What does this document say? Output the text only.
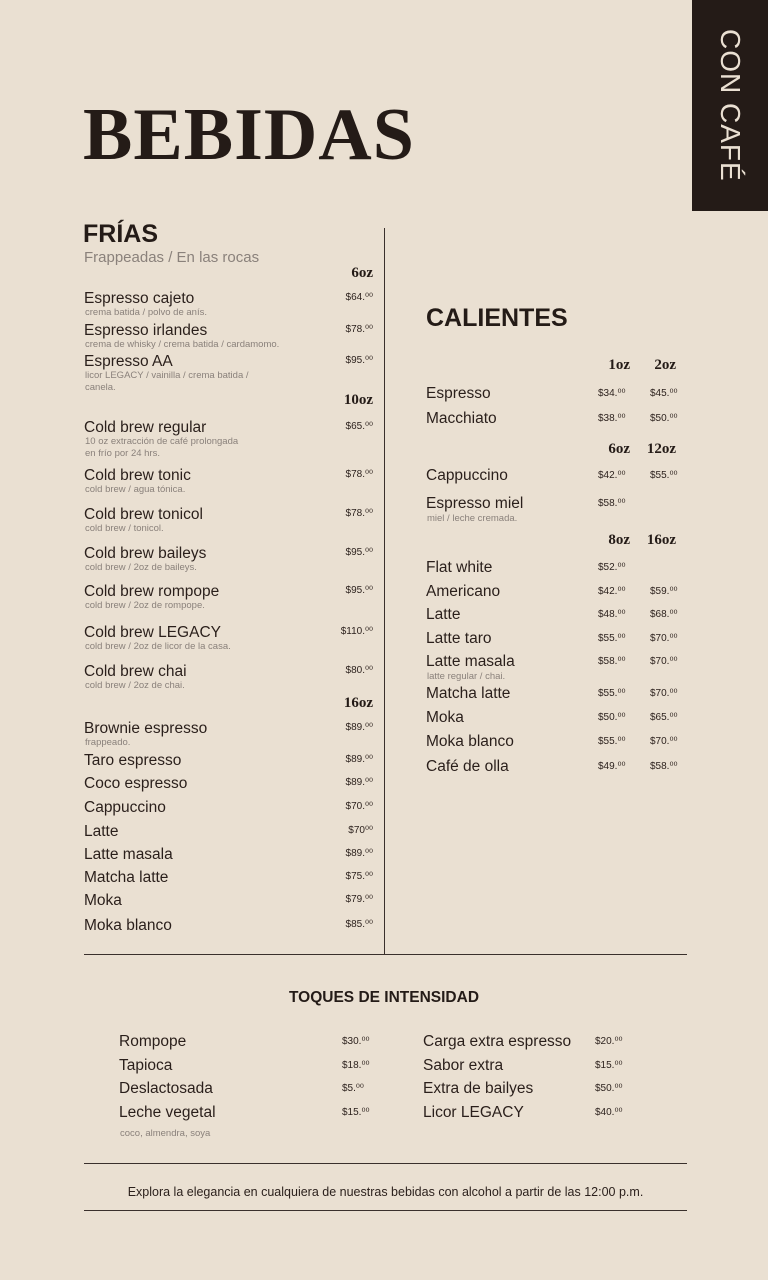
CON CAFÉ
BEBIDAS
FRÍAS
Frappeadas / En las rocas
6oz
Espresso cajeto	$64.⁰⁰
crema batida / polvo de anís.
Espresso irlandes	$78.⁰⁰
crema de whisky / crema batida / cardamomo.
Espresso AA	$95.⁰⁰
licor LEGACY / vainilla / crema batida /
canela.
10oz
Cold brew regular	$65.⁰⁰
10 oz extracción de café prolongada
en frío por 24 hrs.
Cold brew tonic	$78.⁰⁰
cold brew / agua tónica.
Cold brew tonicol	$78.⁰⁰
cold brew / tonicol.
Cold brew baileys	$95.⁰⁰
cold brew / 2oz de baileys.
Cold brew rompope	$95.⁰⁰
cold brew / 2oz de rompope.
Cold brew LEGACY	$110.⁰⁰
cold brew / 2oz de licor de la casa.
Cold brew chai	$80.⁰⁰
cold brew / 2oz de chai.
16oz
Brownie espresso	$89.⁰⁰
frappeado.
Taro espresso	$89.⁰⁰
Coco espresso	$89.⁰⁰
Cappuccino	$70.⁰⁰
Latte	$70⁰⁰
Latte masala	$89.⁰⁰
Matcha latte	$75.⁰⁰
Moka	$79.⁰⁰
Moka blanco	$85.⁰⁰
CALIENTES
1oz 2oz
Espresso	$34.⁰⁰ $45.⁰⁰
Macchiato	$38.⁰⁰ $50.⁰⁰
6oz 12oz
Cappuccino	$42.⁰⁰ $55.⁰⁰
Espresso miel	$58.⁰⁰
miel / leche cremada.
8oz 16oz
Flat white	$52.⁰⁰
Americano	$42.⁰⁰ $59.⁰⁰
Latte	$48.⁰⁰ $68.⁰⁰
Latte taro	$55.⁰⁰ $70.⁰⁰
Latte masala	$58.⁰⁰ $70.⁰⁰
latte regular / chai.
Matcha latte	$55.⁰⁰ $70.⁰⁰
Moka	$50.⁰⁰ $65.⁰⁰
Moka blanco	$55.⁰⁰ $70.⁰⁰
Café de olla	$49.⁰⁰ $58.⁰⁰
TOQUES DE INTENSIDAD
Rompope	$30.⁰⁰
Tapioca	$18.⁰⁰
Deslactosada	$5.⁰⁰
Leche vegetal	$15.⁰⁰
coco, almendra, soya
Carga extra espresso $20.⁰⁰
Sabor extra	$15.⁰⁰
Extra de bailyes	$50.⁰⁰
Licor LEGACY	$40.⁰⁰
Explora la elegancia en cualquiera de nuestras bebidas con alcohol a partir de las 12:00 p.m.
